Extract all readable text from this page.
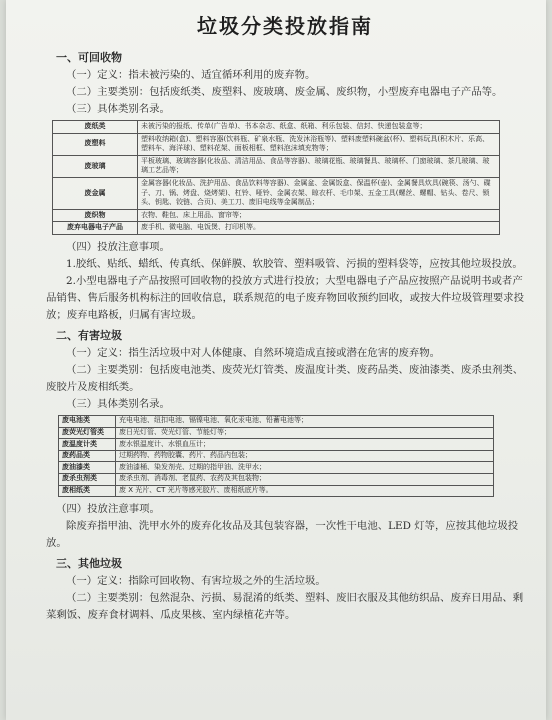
垃圾分类投放指南
一、可回收物

（一）定义：指未被污染的、适宜循环利用的废弃物。

（二）主要类别：包括废纸类、废塑料、废玻璃、废金属、废织物，小型废弃电器电子产品等。

（三）具体类别名录。

废纸类	未被污染的报纸、传单(广告单)、书本杂志、纸盒、纸箱、利乐包装、信封、快递包装盒等；
废塑料	塑料收纳箱(盒)、塑料容器(饮料瓶、矿泉水瓶、洗发沐浴瓶等)、塑料废塑料碗盆(杯)、塑料玩具(积木片、乐高、塑料车、海洋球)、塑料花架、面板相框、塑料泡沫填充物等；
废玻璃	平板玻璃、玻璃容器(化妆品、清洁用品、食品等容器)、玻璃花瓶、玻璃餐具、玻璃杯、门窗玻璃、茶几玻璃、玻璃工艺品等；
废金属	金属容器(化妆品、洗护用品、食品饮料等容器)、金属盆、金属饭盒、保温杯(壶)、金属餐具炊具(碗筷、汤勺、碟子、刀、锅、烤盘、烧烤架)、杠铃、哑铃、金属衣架、晾衣杆、毛巾架、五金工具(螺丝、螺帽、钻头、卷尺、锁头、钥匙、铰链、合页)、美工刀、废旧电线等金属制品；
废织物	衣物、鞋包、床上用品、窗帘等；
废弃电器电子产品	废手机、微电脑、电饭煲、打印机等。

（四）投放注意事项。

1.胶纸、贴纸、蜡纸、传真纸、保鲜膜、软胶管、塑料吸管、污损的塑料袋等，应按其他垃圾投放。

2.小型电器电子产品按照可回收物的投放方式进行投放；大型电器电子产品应按照产品说明书或者产品销售、售后服务机构标注的回收信息，联系规范的电子废弃物回收预约回收，或按大件垃圾管理要求投放；废弃电路板，归属有害垃圾。

二、有害垃圾

（一）定义：指生活垃圾中对人体健康、自然环境造成直接或潜在危害的废弃物。

（二）主要类别：包括废电池类、废荧光灯管类、废温度计类、废药品类、废油漆类、废杀虫剂类、废胶片及废相纸类。

（三）具体类别名录。

废电池类	充电电池、纽扣电池、镉镍电池、氧化汞电池、铅蓄电池等；
废荧光灯管类	废日光灯管、荧光灯管、节能灯等；
废温度计类	废水银温度计、水银血压计；
废药品类	过期药物、药物胶囊、药片、药品内包装；
废油漆类	废油漆桶、染发剂壳、过期的指甲油、洗甲水；
废杀虫剂类	废杀虫剂、消毒剂、老鼠药、农药及其包装物；
废相纸类	废 X 光片、CT 光片等感光胶片、废相纸底片等。

（四）投放注意事项。

除废弃指甲油、洗甲水外的废弃化妆品及其包装容器，一次性干电池、LED 灯等，应按其他垃圾投放。

三、其他垃圾

（一）定义：指除可回收物、有害垃圾之外的生活垃圾。

（二）主要类别：包然混杂、污损、易混淆的纸类、塑料、废旧衣服及其他纺织品、废弃日用品、剩菜剩饭、废弃食材调料、瓜皮果核、室内绿植花卉等。
